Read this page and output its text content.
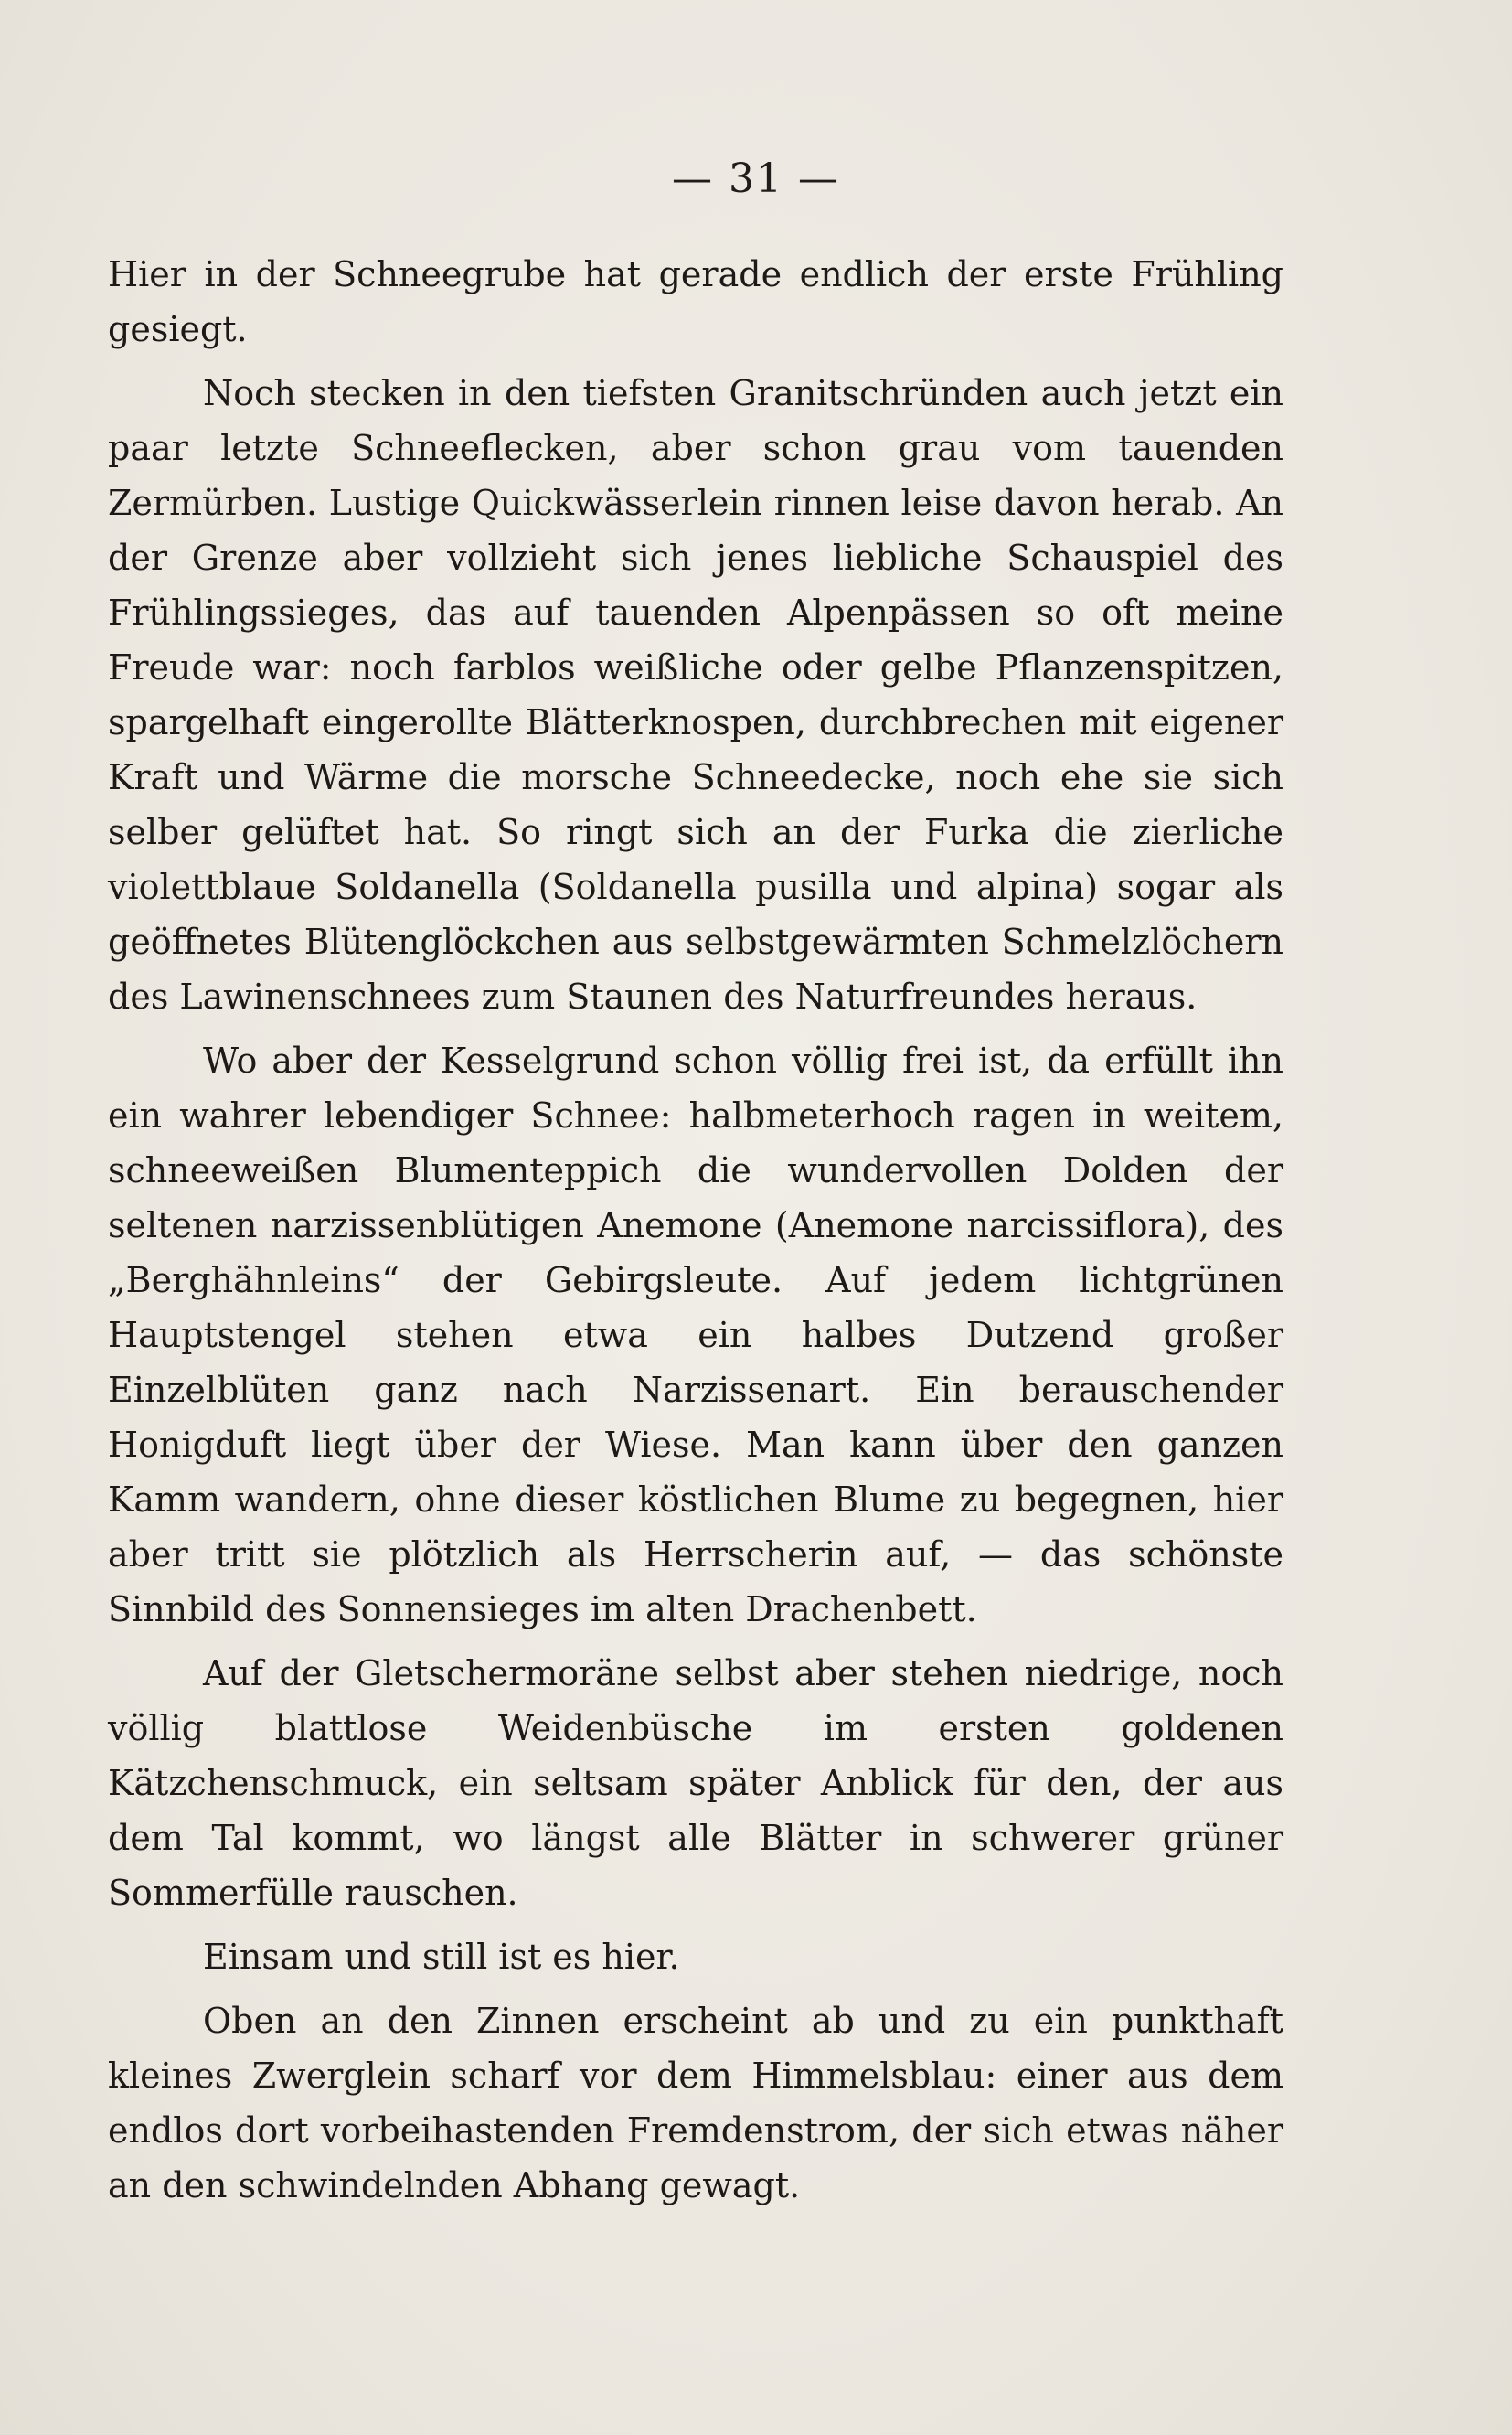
— 31 —

Hier in der Schneegrube hat gerade endlich der erste Frühling gesiegt.

Noch stecken in den tiefsten Granitschründen auch jetzt ein paar letzte Schneeflecken, aber schon grau vom tauenden Zermürben. Lustige Quickwässerlein rinnen leise davon herab. An der Grenze aber vollzieht sich jenes liebliche Schauspiel des Frühlingssieges, das auf tauenden Alpenpässen so oft meine Freude war: noch farblos weißliche oder gelbe Pflanzenspitzen, spargelhaft eingerollte Blätterknospen, durchbrechen mit eigener Kraft und Wärme die morsche Schneedecke, noch ehe sie sich selber gelüftet hat. So ringt sich an der Furka die zierliche violettblaue Soldanella (Soldanella pusilla und alpina) sogar als geöffnetes Blütenglöckchen aus selbstgewärmten Schmelzlöchern des Lawinenschnees zum Staunen des Naturfreundes heraus.

Wo aber der Kesselgrund schon völlig frei ist, da erfüllt ihn ein wahrer lebendiger Schnee: halbmeterhoch ragen in weitem, schneeweißen Blumenteppich die wundervollen Dolden der seltenen narzissenblütigen Anemone (Anemone narcissiflora), des „Berghähnleins“ der Gebirgsleute. Auf jedem lichtgrünen Hauptstengel stehen etwa ein halbes Dutzend großer Einzelblüten ganz nach Narzissenart. Ein berauschender Honigduft liegt über der Wiese. Man kann über den ganzen Kamm wandern, ohne dieser köstlichen Blume zu begegnen, hier aber tritt sie plötzlich als Herrscherin auf, — das schönste Sinnbild des Sonnensieges im alten Drachenbett.

Auf der Gletschermoräne selbst aber stehen niedrige, noch völlig blattlose Weidenbüsche im ersten goldenen Kätzchenschmuck, ein seltsam später Anblick für den, der aus dem Tal kommt, wo längst alle Blätter in schwerer grüner Sommerfülle rauschen.

Einsam und still ist es hier.

Oben an den Zinnen erscheint ab und zu ein punkthaft kleines Zwerglein scharf vor dem Himmelsblau: einer aus dem endlos dort vorbeihastenden Fremdenstrom, der sich etwas näher an den schwindelnden Abhang gewagt.
